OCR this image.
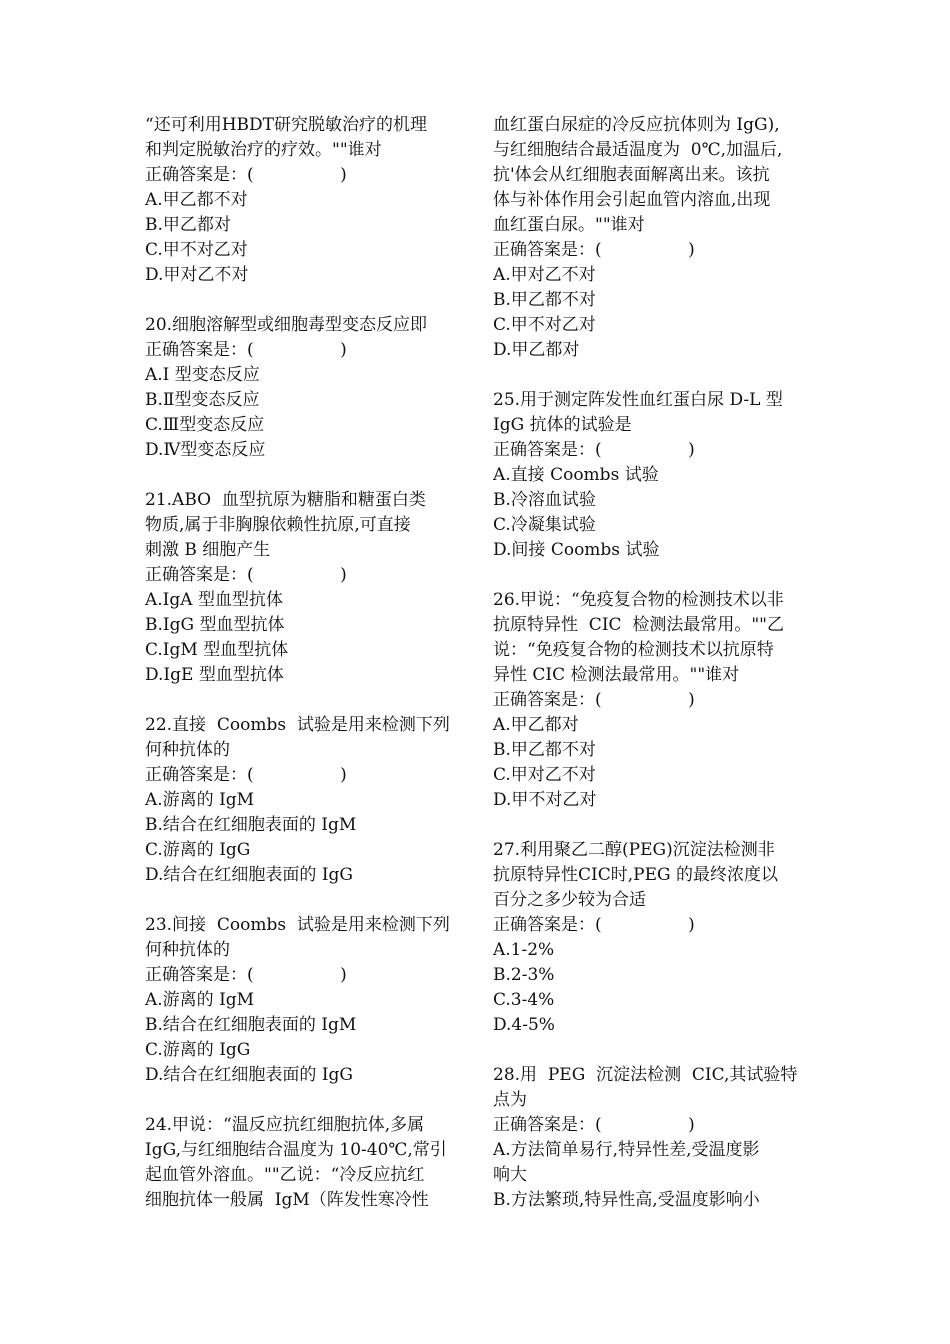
“还可利用HBDT研究脱敏治疗的机理
和判定脱敏治疗的疗效。""谁对
正确答案是：(                )
A.甲乙都不对
B.甲乙都对
C.甲不对乙对
D.甲对乙不对
20.细胞溶解型或细胞毒型变态反应即
正确答案是：(                )
A.I 型变态反应
B.Ⅱ型变态反应
C.Ⅲ型变态反应
D.Ⅳ型变态反应
21.ABO  血型抗原为糖脂和糖蛋白类
物质,属于非胸腺依赖性抗原,可直接
刺激 B 细胞产生
正确答案是：(                )
A.IgA 型血型抗体
B.IgG 型血型抗体
C.IgM 型血型抗体
D.IgE 型血型抗体
22.直接  Coombs  试验是用来检测下列
何种抗体的
正确答案是：(                )
A.游离的 IgM
B.结合在红细胞表面的 IgM
C.游离的 IgG
D.结合在红细胞表面的 IgG
23.间接  Coombs  试验是用来检测下列
何种抗体的
正确答案是：(                )
A.游离的 IgM
B.结合在红细胞表面的 IgM
C.游离的 IgG
D.结合在红细胞表面的 IgG
24.甲说：“温反应抗红细胞抗体,多属
IgG,与红细胞结合温度为 10-40℃,常引
起血管外溶血。""乙说：“冷反应抗红
细胞抗体一般属  IgM（阵发性寒冷性
血红蛋白尿症的冷反应抗体则为 IgG),
与红细胞结合最适温度为  0℃,加温后,
抗'体会从红细胞表面解离出来。该抗
体与补体作用会引起血管内溶血,出现
血红蛋白尿。""谁对
正确答案是：(                )
A.甲对乙不对
B.甲乙都不对
C.甲不对乙对
D.甲乙都对
25.用于测定阵发性血红蛋白尿 D-L 型
IgG 抗体的试验是
正确答案是：(                )
A.直接 Coombs 试验
B.冷溶血试验
C.冷凝集试验
D.间接 Coombs 试验
26.甲说：“免疫复合物的检测技术以非
抗原特异性  CIC  检测法最常用。""乙
说：“免疫复合物的检测技术以抗原特
异性 CIC 检测法最常用。""谁对
正确答案是：(                )
A.甲乙都对
B.甲乙都不对
C.甲对乙不对
D.甲不对乙对
27.利用聚乙二醇(PEG)沉淀法检测非
抗原特异性CIC时,PEG 的最终浓度以
百分之多少较为合适
正确答案是：(                )
A.1-2%
B.2-3%
C.3-4%
D.4-5%
28.用  PEG  沉淀法检测  CIC,其试验特
点为
正确答案是：(                )
A.方法简单易行,特异性差,受温度影
响大
B.方法繁琐,特异性高,受温度影响小
